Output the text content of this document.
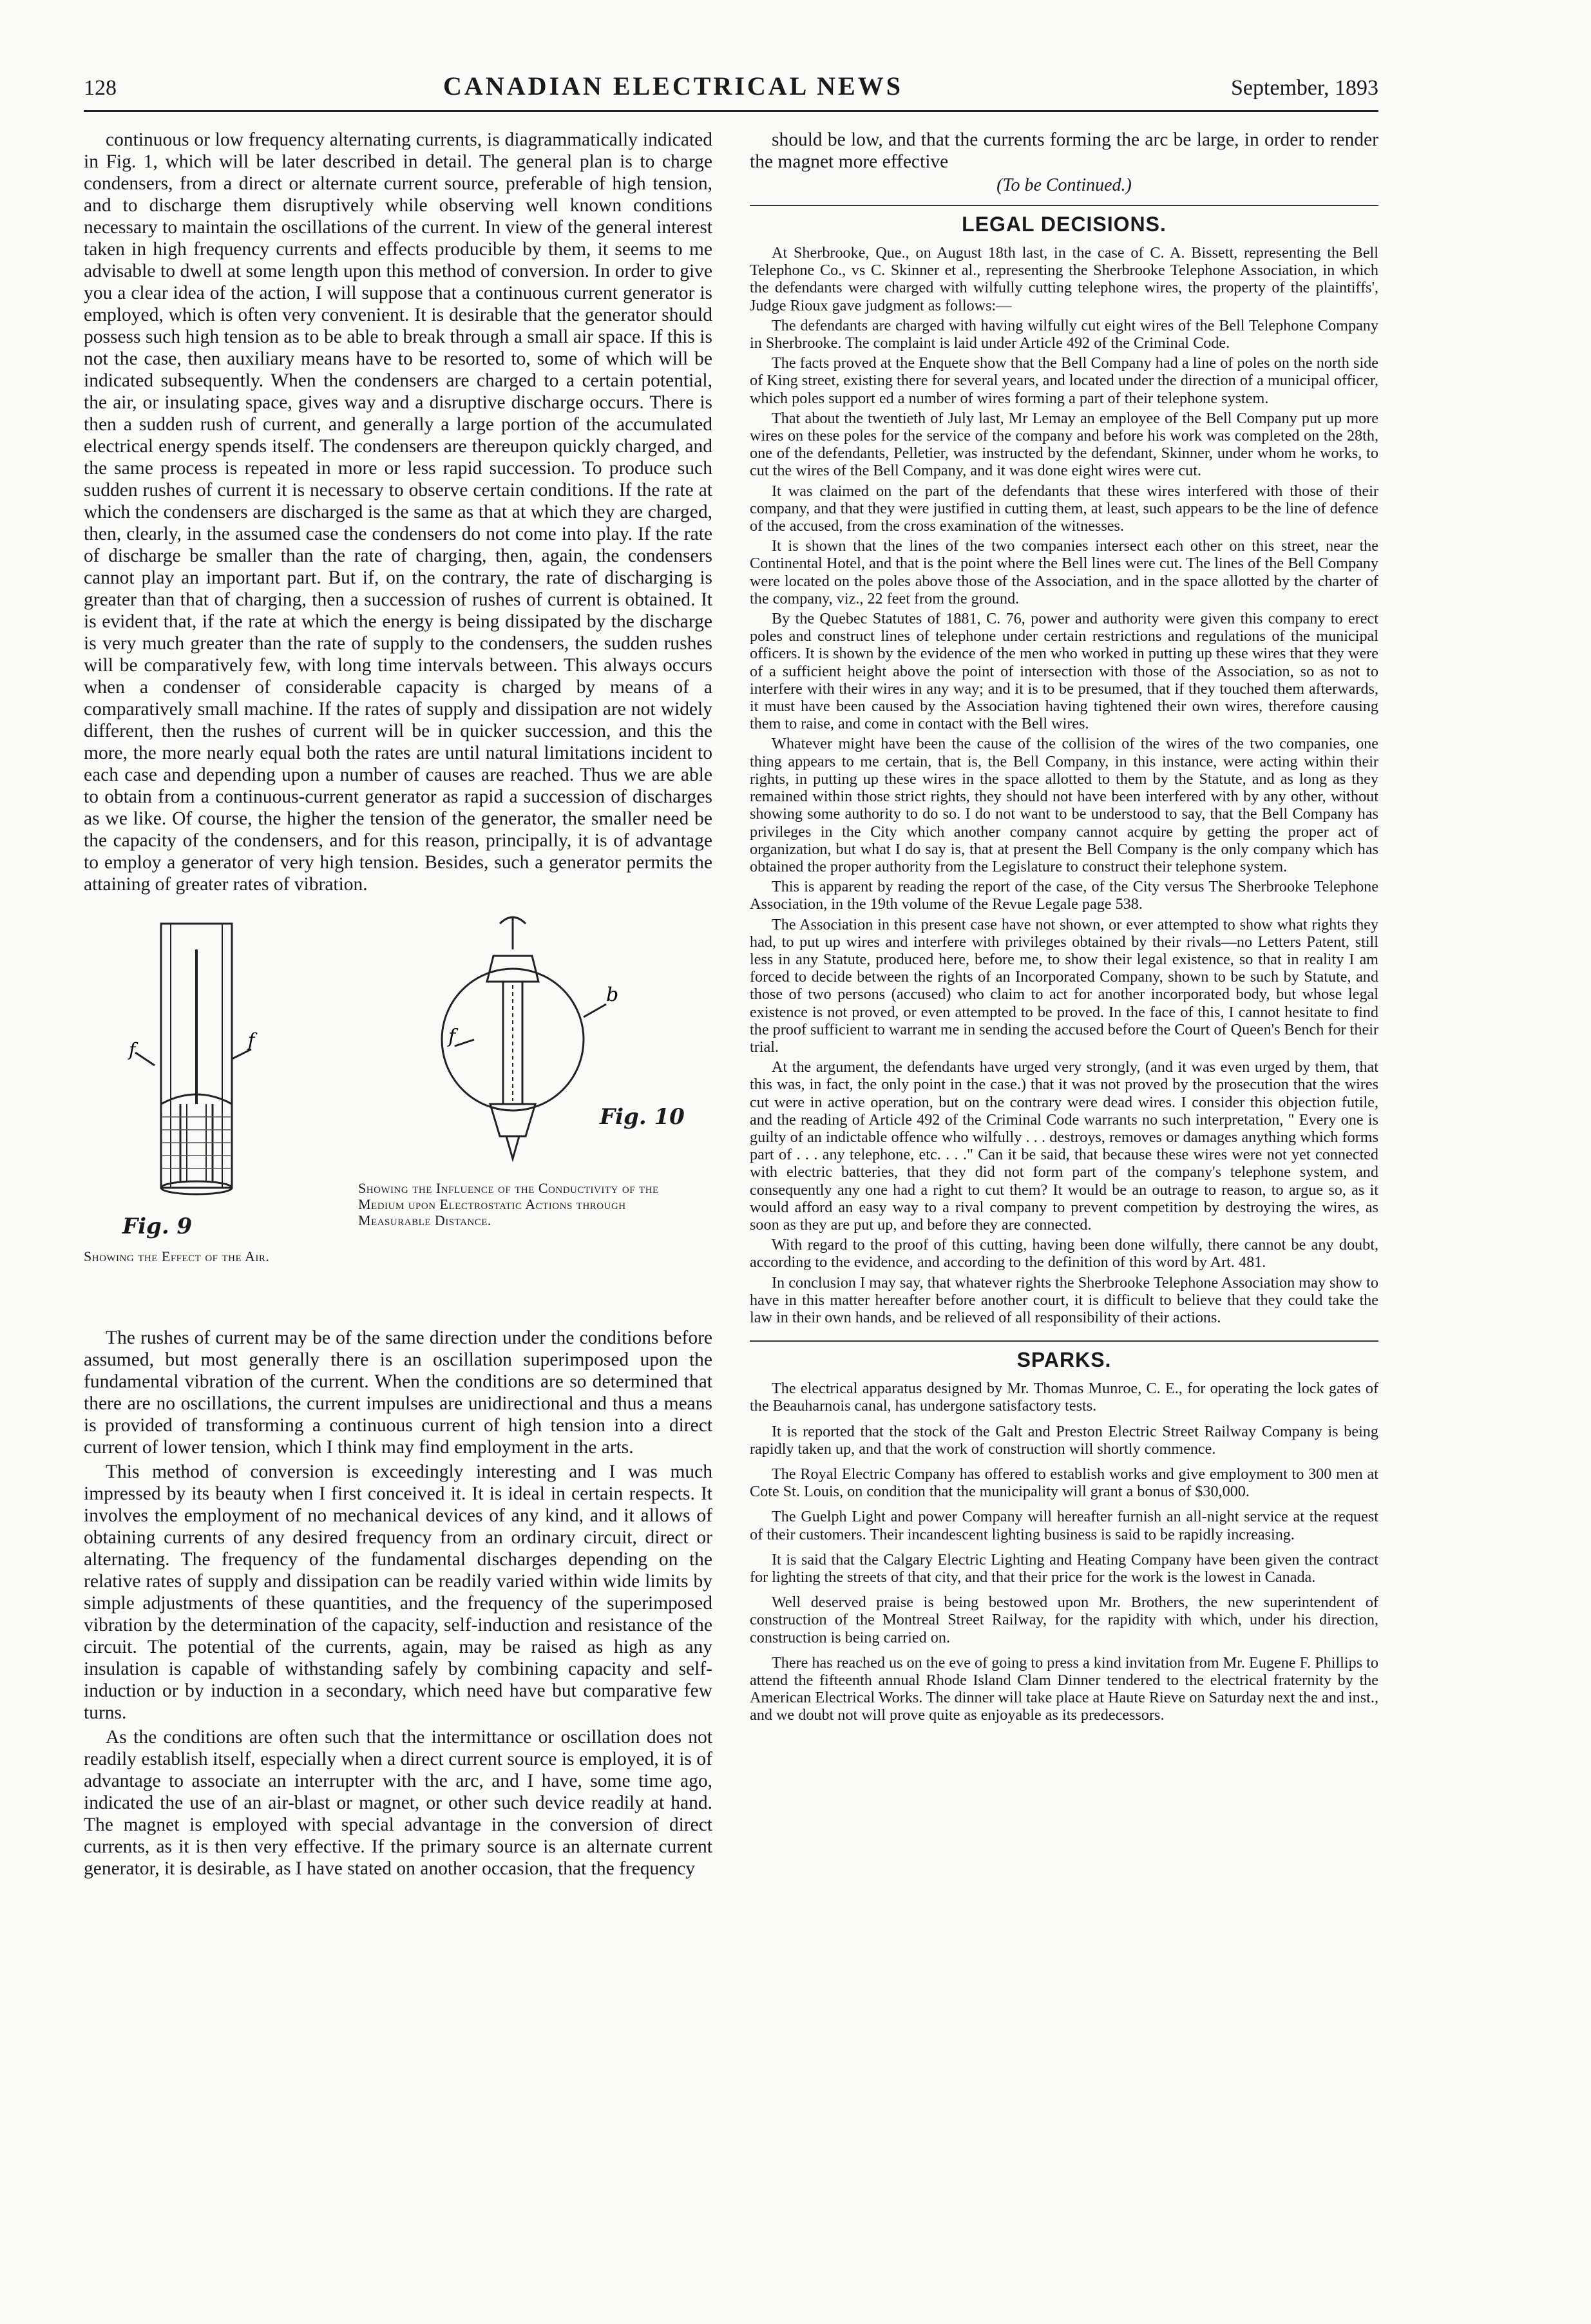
128	CANADIAN ELECTRICAL NEWS	September, 1893

continuous or low frequency alternating currents, is diagrammatically indicated in Fig. 1, which will be later described in detail. The general plan is to charge condensers, from a direct or alternate current source, preferable of high tension, and to discharge them disruptively while observing well known conditions necessary to maintain the oscillations of the current. In view of the general interest taken in high frequency currents and effects producible by them, it seems to me advisable to dwell at some length upon this method of conversion. In order to give you a clear idea of the action, I will suppose that a continuous current generator is employed, which is often very convenient. It is desirable that the generator should possess such high tension as to be able to break through a small air space. If this is not the case, then auxiliary means have to be resorted to, some of which will be indicated subsequently. When the condensers are charged to a certain potential, the air, or insulating space, gives way and a disruptive discharge occurs. There is then a sudden rush of current, and generally a large portion of the accumulated electrical energy spends itself. The condensers are thereupon quickly charged, and the same process is repeated in more or less rapid succession. To produce such sudden rushes of current it is necessary to observe certain conditions. If the rate at which the condensers are discharged is the same as that at which they are charged, then, clearly, in the assumed case the condensers do not come into play. If the rate of discharge be smaller than the rate of charging, then, again, the condensers cannot play an important part. But if, on the contrary, the rate of discharging is greater than that of charging, then a succession of rushes of current is obtained. It is evident that, if the rate at which the energy is being dissipated by the discharge is very much greater than the rate of supply to the condensers, the sudden rushes will be comparatively few, with long time intervals between. This always occurs when a condenser of considerable capacity is charged by means of a comparatively small machine. If the rates of supply and dissipation are not widely different, then the rushes of current will be in quicker succession, and this the more, the more nearly equal both the rates are until natural limitations incident to each case and depending upon a number of causes are reached. Thus we are able to obtain from a continuous-current generator as rapid a succession of discharges as we like. Of course, the higher the tension of the generator, the smaller need be the capacity of the condensers, and for this reason, principally, it is of advantage to employ a generator of very high tension. Besides, such a generator permits the attaining of greater rates of vibration.

f	f
Fig. 9
Showing the Effect of the Air.
b
f
Fig. 10
Showing the Influence of the Conductivity of the Medium upon Electrostatic Actions through Measurable Distance.

The rushes of current may be of the same direction under the conditions before assumed, but most generally there is an oscillation superimposed upon the fundamental vibration of the current. When the conditions are so determined that there are no oscillations, the current impulses are unidirectional and thus a means is provided of transforming a continuous current of high tension into a direct current of lower tension, which I think may find employment in the arts.

This method of conversion is exceedingly interesting and I was much impressed by its beauty when I first conceived it. It is ideal in certain respects. It involves the employment of no mechanical devices of any kind, and it allows of obtaining currents of any desired frequency from an ordinary circuit, direct or alternating. The frequency of the fundamental discharges depending on the relative rates of supply and dissipation can be readily varied within wide limits by simple adjustments of these quantities, and the frequency of the superimposed vibration by the determination of the capacity, self-induction and resistance of the circuit. The potential of the currents, again, may be raised as high as any insulation is capable of withstanding safely by combining capacity and self-induction or by induction in a secondary, which need have but comparative few turns.

As the conditions are often such that the intermittance or oscillation does not readily establish itself, especially when a direct current source is employed, it is of advantage to associate an interrupter with the arc, and I have, some time ago, indicated the use of an air-blast or magnet, or other such device readily at hand. The magnet is employed with special advantage in the conversion of direct currents, as it is then very effective. If the primary source is an alternate current generator, it is desirable, as I have stated on another occasion, that the frequency

should be low, and that the currents forming the arc be large, in order to render the magnet more effective

(To be Continued.)
LEGAL DECISIONS.

At Sherbrooke, Que., on August 18th last, in the case of C. A. Bissett, representing the Bell Telephone Co., vs C. Skinner et al., representing the Sherbrooke Telephone Association, in which the defendants were charged with wilfully cutting telephone wires, the property of the plaintiffs', Judge Rioux gave judgment as follows:—

The defendants are charged with having wilfully cut eight wires of the Bell Telephone Company in Sherbrooke. The complaint is laid under Article 492 of the Criminal Code.

The facts proved at the Enquete show that the Bell Company had a line of poles on the north side of King street, existing there for several years, and located under the direction of a municipal officer, which poles support ed a number of wires forming a part of their telephone system.

That about the twentieth of July last, Mr Lemay an employee of the Bell Company put up more wires on these poles for the service of the company and before his work was completed on the 28th, one of the defendants, Pelletier, was instructed by the defendant, Skinner, under whom he works, to cut the wires of the Bell Company, and it was done eight wires were cut.

It was claimed on the part of the defendants that these wires interfered with those of their company, and that they were justified in cutting them, at least, such appears to be the line of defence of the accused, from the cross examination of the witnesses.

It is shown that the lines of the two companies intersect each other on this street, near the Continental Hotel, and that is the point where the Bell lines were cut. The lines of the Bell Company were located on the poles above those of the Association, and in the space allotted by the charter of the company, viz., 22 feet from the ground.

By the Quebec Statutes of 1881, C. 76, power and authority were given this company to erect poles and construct lines of telephone under certain restrictions and regulations of the municipal officers. It is shown by the evidence of the men who worked in putting up these wires that they were of a sufficient height above the point of intersection with those of the Association, so as not to interfere with their wires in any way; and it is to be presumed, that if they touched them afterwards, it must have been caused by the Association having tightened their own wires, therefore causing them to raise, and come in contact with the Bell wires.

Whatever might have been the cause of the collision of the wires of the two companies, one thing appears to me certain, that is, the Bell Company, in this instance, were acting within their rights, in putting up these wires in the space allotted to them by the Statute, and as long as they remained within those strict rights, they should not have been interfered with by any other, without showing some authority to do so. I do not want to be understood to say, that the Bell Company has privileges in the City which another company cannot acquire by getting the proper act of organization, but what I do say is, that at present the Bell Company is the only company which has obtained the proper authority from the Legislature to construct their telephone system.

This is apparent by reading the report of the case, of the City versus The Sherbrooke Telephone Association, in the 19th volume of the Revue Legale page 538.

The Association in this present case have not shown, or ever attempted to show what rights they had, to put up wires and interfere with privileges obtained by their rivals—no Letters Patent, still less in any Statute, produced here, before me, to show their legal existence, so that in reality I am forced to decide between the rights of an Incorporated Company, shown to be such by Statute, and those of two persons (accused) who claim to act for another incorporated body, but whose legal existence is not proved, or even attempted to be proved. In the face of this, I cannot hesitate to find the proof sufficient to warrant me in sending the accused before the Court of Queen's Bench for their trial.

At the argument, the defendants have urged very strongly, (and it was even urged by them, that this was, in fact, the only point in the case.) that it was not proved by the prosecution that the wires cut were in active operation, but on the contrary were dead wires. I consider this objection futile, and the reading of Article 492 of the Criminal Code warrants no such interpretation, " Every one is guilty of an indictable offence who wilfully . . . destroys, removes or damages anything which forms part of . . . any telephone, etc. . . ." Can it be said, that because these wires were not yet connected with electric batteries, that they did not form part of the company's telephone system, and consequently any one had a right to cut them? It would be an outrage to reason, to argue so, as it would afford an easy way to a rival company to prevent competition by destroying the wires, as soon as they are put up, and before they are connected.

With regard to the proof of this cutting, having been done wilfully, there cannot be any doubt, according to the evidence, and according to the definition of this word by Art. 481.

In conclusion I may say, that whatever rights the Sherbrooke Telephone Association may show to have in this matter hereafter before another court, it is difficult to believe that they could take the law in their own hands, and be relieved of all responsibility of their actions.

SPARKS.

The electrical apparatus designed by Mr. Thomas Munroe, C. E., for operating the lock gates of the Beauharnois canal, has undergone satisfactory tests.

It is reported that the stock of the Galt and Preston Electric Street Railway Company is being rapidly taken up, and that the work of construction will shortly commence.

The Royal Electric Company has offered to establish works and give employment to 300 men at Cote St. Louis, on condition that the municipality will grant a bonus of $30,000.

The Guelph Light and power Company will hereafter furnish an all-night service at the request of their customers. Their incandescent lighting business is said to be rapidly increasing.

It is said that the Calgary Electric Lighting and Heating Company have been given the contract for lighting the streets of that city, and that their price for the work is the lowest in Canada.

Well deserved praise is being bestowed upon Mr. Brothers, the new superintendent of construction of the Montreal Street Railway, for the rapidity with which, under his direction, construction is being carried on.

There has reached us on the eve of going to press a kind invitation from Mr. Eugene F. Phillips to attend the fifteenth annual Rhode Island Clam Dinner tendered to the electrical fraternity by the American Electrical Works. The dinner will take place at Haute Rieve on Saturday next the and inst., and we doubt not will prove quite as enjoyable as its predecessors.
